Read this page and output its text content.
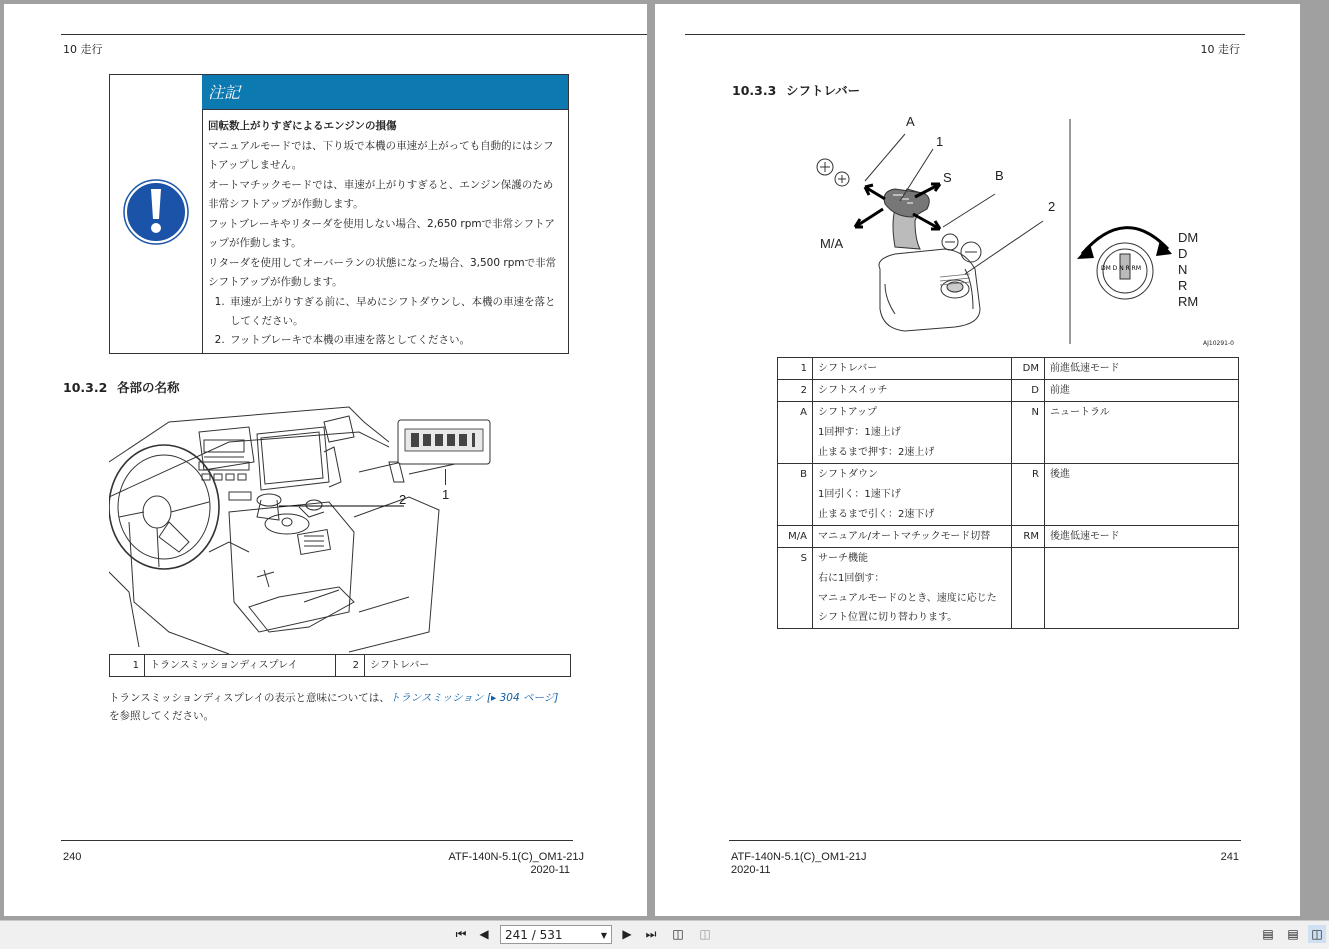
10 走行
注記

回転数上がりすぎによるエンジンの損傷

マニュアルモードでは、下り坂で本機の車速が上がっても自動的にはシフトアップしません。

オートマチックモードでは、車速が上がりすぎると、エンジン保護のため非常シフトアップが作動します。

フットブレーキやリターダを使用しない場合、2,650 rpmで非常シフトアップが作動します。

リターダを使用してオーバーランの状態になった場合、3,500 rpmで非常シフトアップが作動します。

1. 車速が上がりすぎる前に、早めにシフトダウンし、本機の車速を落としてください。
2. フットブレーキで本機の車速を落としてください。
10.3.2 各部の名称
2	1
1	トランスミッションディスプレイ	2	シフトレバー
トランスミッションディスプレイの表示と意味については、トランスミッション [▸ 304 ページ]
を参照してください。
240	ATF-140N-5.1(C)_OM1-21J
2020-11
10 走行
10.3.3 シフトレバー
DM D N R RM
A
1
S	B
2
M/A	DM
D
N
R
RM
AJ10291-0
1	シフトレバー	DM	前進低速モード

2	シフトスイッチ	D	前進

A	シフトアップ
1回押す：1速上げ
止まるまで押す：2速上げ	N	ニュートラル

B	シフトダウン
1回引く：1速下げ
止まるまで引く：2速下げ	R	後進

M/A	マニュアル/オートマチックモード切替	RM	後進低速モード

S	サーチ機能
右に1回倒す：
マニュアルモードのとき、速度に応じたシフト位置に切り替わります。		

ATF-140N-5.1(C)_OM1-21J
2020-11
241
⏮	◀	241 / 531	▼	▶	⏭ ◫ ◫	▤ ▤ ◫
